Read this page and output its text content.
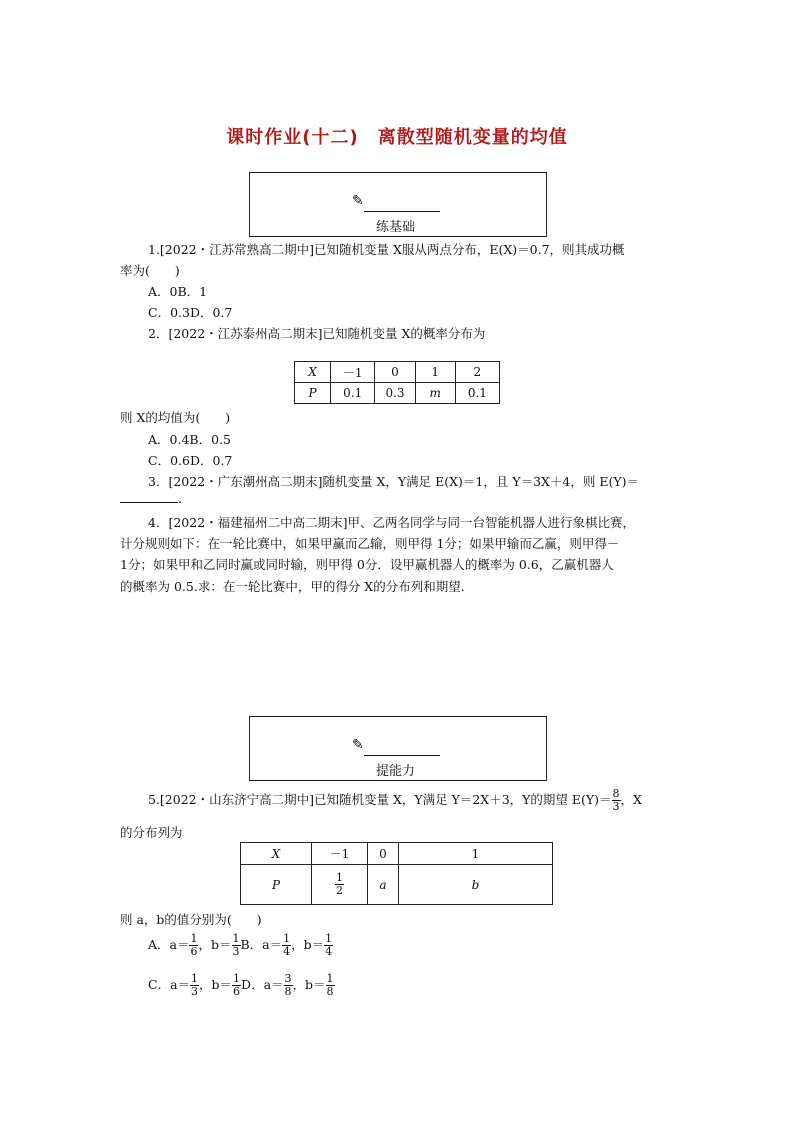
课时作业(十二)　离散型随机变量的均值
✎
练基础
1.[2022・江苏常熟高二期中]已知随机变量 X服从两点分布，E(X)＝0.7，则其成功概
率为(　　)
A．0B．1
C．0.3D．0.7
2．[2022・江苏泰州高二期末]已知随机变量 X的概率分布为
X	－1	0	1	2
P	0.1	0.3	m	0.1
则 X的均值为(　　)
A．0.4B．0.5
C．0.6D．0.7
3．[2022・广东潮州高二期末]随机变量 X，Y满足 E(X)＝1，且 Y＝3X＋4，则 E(Y)＝
.
4．[2022・福建福州二中高二期末]甲、乙两名同学与同一台智能机器人进行象棋比赛，
计分规则如下：在一轮比赛中，如果甲赢而乙输，则甲得 1分；如果甲输而乙赢，则甲得－
1分；如果甲和乙同时赢或同时输，则甲得 0分．设甲赢机器人的概率为 0.6，乙赢机器人
的概率为 0.5.求：在一轮比赛中，甲的得分 X的分布列和期望．
✎
提能力
5.[2022・山东济宁高二期中]已知随机变量 X，Y满足 Y＝2X＋3，Y的期望 $E(Y)= \frac{8}{3}$ ，X
的分布列为
X	－1	0	1
P	$\frac{1}{2}$	a	b
则 a，b的值分别为(　　)
A．$a= \frac{1}{6}$ ，$b= \frac{1}{3}$ B．$a= \frac{1}{4}$ ，$b= \frac{1}{4}$
C．$a= \frac{1}{3}$ ，$b= \frac{1}{6}$ D．$a= \frac{3}{8}$ ，$b= \frac{1}{8}$
